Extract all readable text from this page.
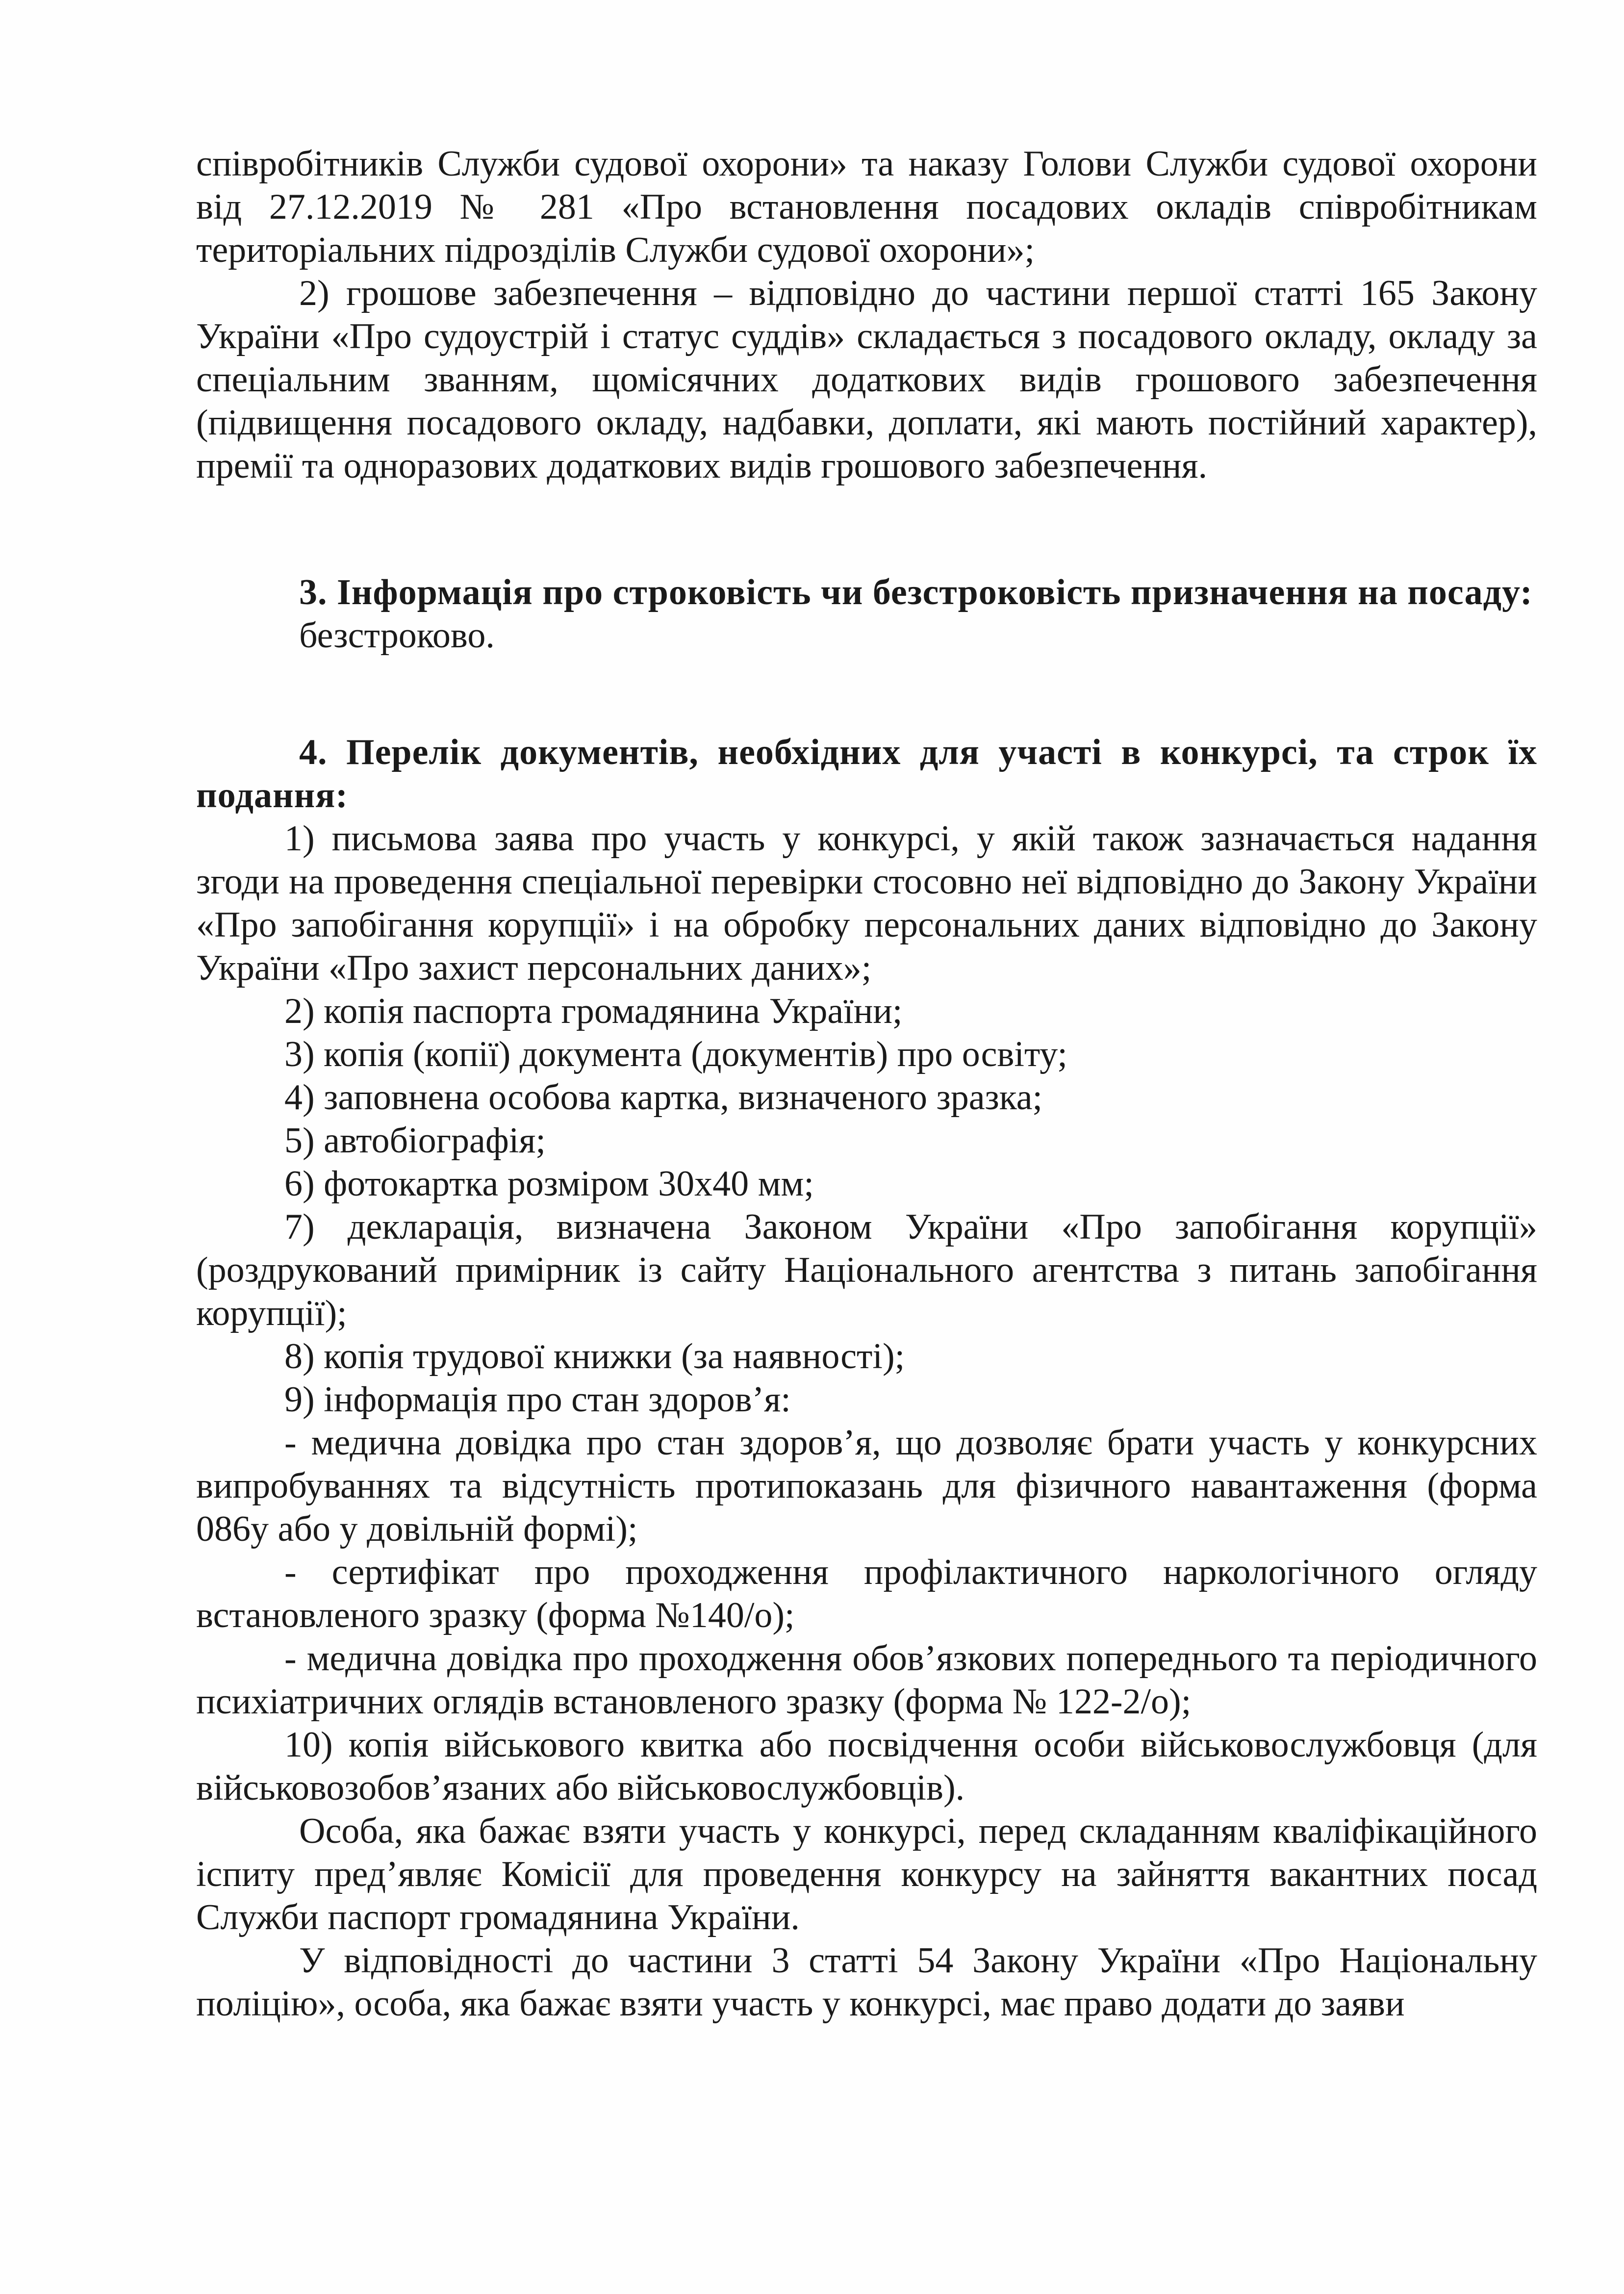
співробітників Служби судової охорони» та наказу Голови Служби судової охорони від 27.12.2019 № 281 «Про встановлення посадових окладів співробітникам територіальних підрозділів Служби судової охорони»;

2) грошове забезпечення – відповідно до частини першої статті 165 Закону України «Про судоустрій і статус суддів» складається з посадового окладу, окладу за спеціальним званням, щомісячних додаткових видів грошового забезпечення (підвищення посадового окладу, надбавки, доплати, які мають постійний характер), премії та одноразових додаткових видів грошового забезпечення.

3. Інформація про строковість чи безстроковість призначення на посаду:

безстроково.

4. Перелік документів, необхідних для участі в конкурсі, та строк їх подання:

1) письмова заява про участь у конкурсі, у якій також зазначається надання згоди на проведення спеціальної перевірки стосовно неї відповідно до Закону України «Про запобігання корупції» і на обробку персональних даних відповідно до Закону України «Про захист персональних даних»;

2) копія паспорта громадянина України;

3) копія (копії) документа (документів) про освіту;

4) заповнена особова картка, визначеного зразка;

5) автобіографія;

6) фотокартка розміром 30х40 мм;

7) декларація, визначена Законом України «Про запобігання корупції» (роздрукований примірник із сайту Національного агентства з питань запобігання корупції);

8) копія трудової книжки (за наявності);

9) інформація про стан здоров’я:

- медична довідка про стан здоров’я, що дозволяє брати участь у конкурсних випробуваннях та відсутність протипоказань для фізичного навантаження (форма 086у або у довільній формі);

- сертифікат про проходження профілактичного наркологічного огляду встановленого зразку (форма №140/о);

- медична довідка про проходження обов’язкових попереднього та періодичного психіатричних оглядів встановленого зразку (форма № 122-2/о);

10) копія військового квитка або посвідчення особи військовослужбовця (для військовозобов’язаних або військовослужбовців).

Особа, яка бажає взяти участь у конкурсі, перед складанням кваліфікаційного іспиту пред’являє Комісії для проведення конкурсу на зайняття вакантних посад Служби паспорт громадянина України.

У відповідності до частини 3 статті 54 Закону України «Про Національну поліцію», особа, яка бажає взяти участь у конкурсі, має право додати до заяви
